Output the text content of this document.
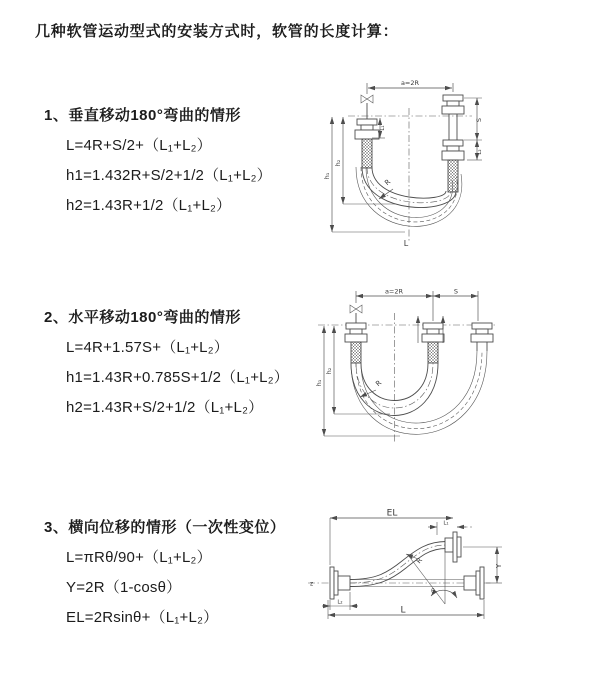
几种软管运动型式的安装方式时，软管的长度计算：
1、垂直移动180°弯曲的情形
L=4R+S/2+（L₁+L₂）
h1=1.432R+S/2+1/2（L₁+L₂）
h2=1.43R+1/2（L₁+L₂）
2、水平移动180°弯曲的情形
L=4R+1.57S+（L₁+L₂）
h1=1.43R+0.785S+1/2（L₁+L₂）
h2=1.43R+S/2+1/2（L₁+L₂）
3、横向位移的情形（一次性变位）
L=πRθ/90+（L₁+L₂）
Y=2R（1-cosθ）
EL=2Rsinθ+（L₁+L₂）
a=2R
R
h₁
h₂
L₁
S
L₂
L
a=2R	S
R
h₁
h₂
EL
L₁
z
Y
θ
R
L
L₂
